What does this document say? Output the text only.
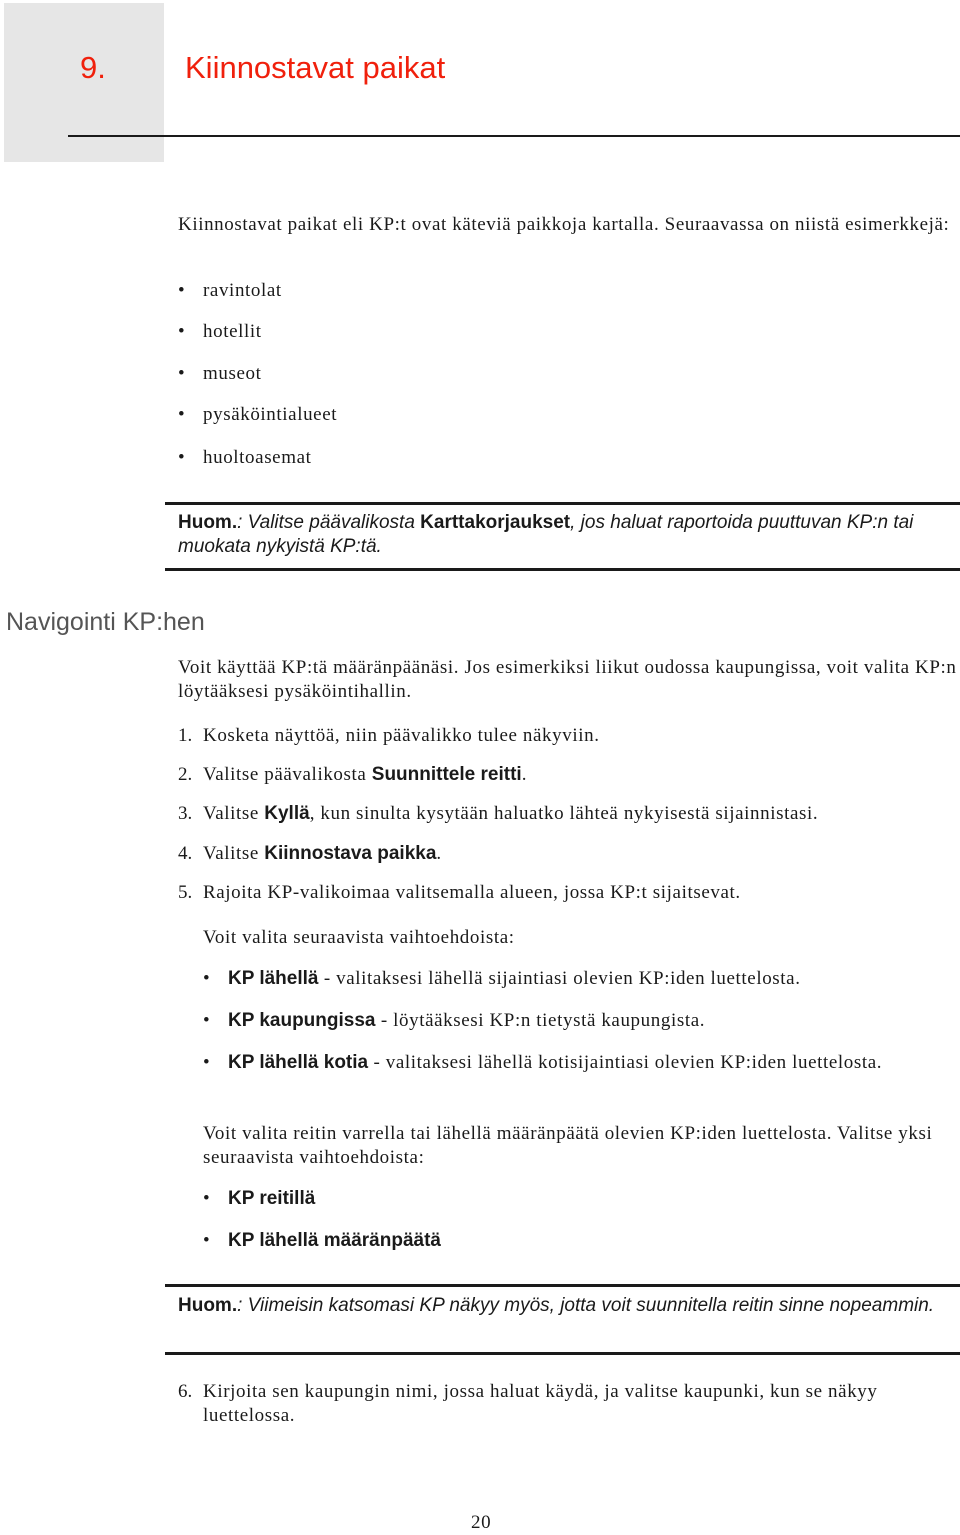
9.	Kiinnostavat paikat
Kiinnostavat paikat eli KP:t ovat käteviä paikkoja kartalla. Seuraavassa on niistä esimerkkejä:
• ravintolat
• hotellit
• museot
• pysäköintialueet
• huoltoasemat
Huom.: Valitse päävalikosta Karttakorjaukset, jos haluat raportoida puuttuvan KP:n tai muokata nykyistä KP:tä.
Navigointi KP:hen
Voit käyttää KP:tä määränpäänäsi. Jos esimerkiksi liikut oudossa kaupungissa, voit valita KP:n löytääksesi pysäköintihallin.
1. Kosketa näyttöä, niin päävalikko tulee näkyviin.
2. Valitse päävalikosta Suunnittele reitti.
3. Valitse Kyllä, kun sinulta kysytään haluatko lähteä nykyisestä sijainnistasi.
4. Valitse Kiinnostava paikka.
5. Rajoita KP-valikoimaa valitsemalla alueen, jossa KP:t sijaitsevat.
Voit valita seuraavista vaihtoehdoista:
• KP lähellä - valitaksesi lähellä sijaintiasi olevien KP:iden luettelosta.
• KP kaupungissa - löytääksesi KP:n tietystä kaupungista.
• KP lähellä kotia - valitaksesi lähellä kotisijaintiasi olevien KP:iden luettelosta.
Voit valita reitin varrella tai lähellä määränpäätä olevien KP:iden luettelosta. Valitse yksi seuraavista vaihtoehdoista:
• KP reitillä
• KP lähellä määränpäätä
Huom.: Viimeisin katsomasi KP näkyy myös, jotta voit suunnitella reitin sinne nopeammin.
6. Kirjoita sen kaupungin nimi, jossa haluat käydä, ja valitse kaupunki, kun se näkyy luettelossa.
20
